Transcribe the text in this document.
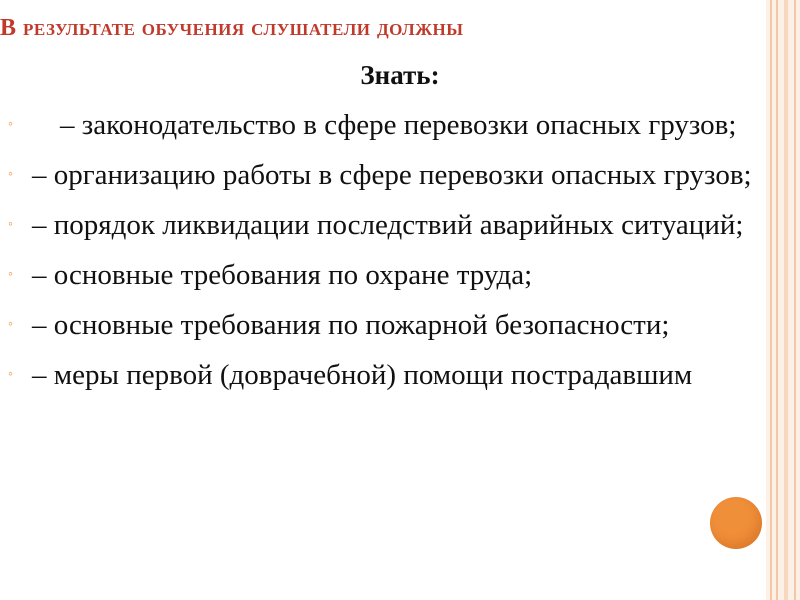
В результате обучения слушатели должны
Знать:
◦ – законодательство в сфере перевозки опасных грузов;
◦ – организацию работы в сфере перевозки опасных грузов;
◦ – порядок ликвидации последствий аварийных ситуаций;
◦ – основные требования по охране труда;
◦ – основные требования по пожарной безопасности;
◦ – меры первой (доврачебной) помощи пострадавшим
